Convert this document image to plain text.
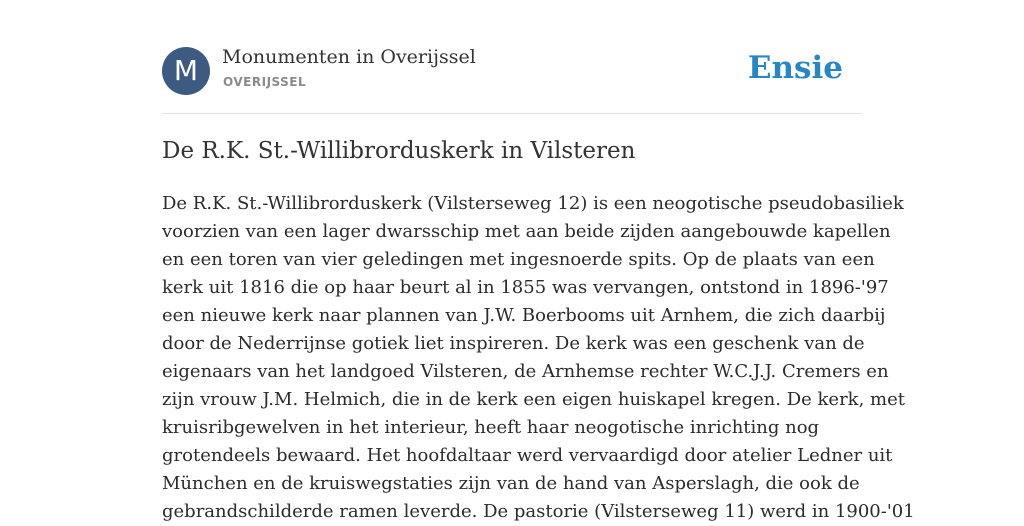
M	Monumenten in Overijssel
OVERIJSSEL	Ensie
De R.K. St.-Willibrorduskerk in Vilsteren
De R.K. St.-Willibrorduskerk (Vilsterseweg 12) is een neogotische pseudobasiliek
voorzien van een lager dwarsschip met aan beide zijden aangebouwde kapellen
en een toren van vier geledingen met ingesnoerde spits. Op de plaats van een
kerk uit 1816 die op haar beurt al in 1855 was vervangen, ontstond in 1896-'97
een nieuwe kerk naar plannen van J.W. Boerbooms uit Arnhem, die zich daarbij
door de Nederrijnse gotiek liet inspireren. De kerk was een geschenk van de
eigenaars van het landgoed Vilsteren, de Arnhemse rechter W.C.J.J. Cremers en
zijn vrouw J.M. Helmich, die in de kerk een eigen huiskapel kregen. De kerk, met
kruisribgewelven in het interieur, heeft haar neogotische inrichting nog
grotendeels bewaard. Het hoofdaltaar werd vervaardigd door atelier Ledner uit
München en de kruiswegstaties zijn van de hand van Asperslagh, die ook de
gebrandschilderde ramen leverde. De pastorie (Vilsterseweg 11) werd in 1900-'01
